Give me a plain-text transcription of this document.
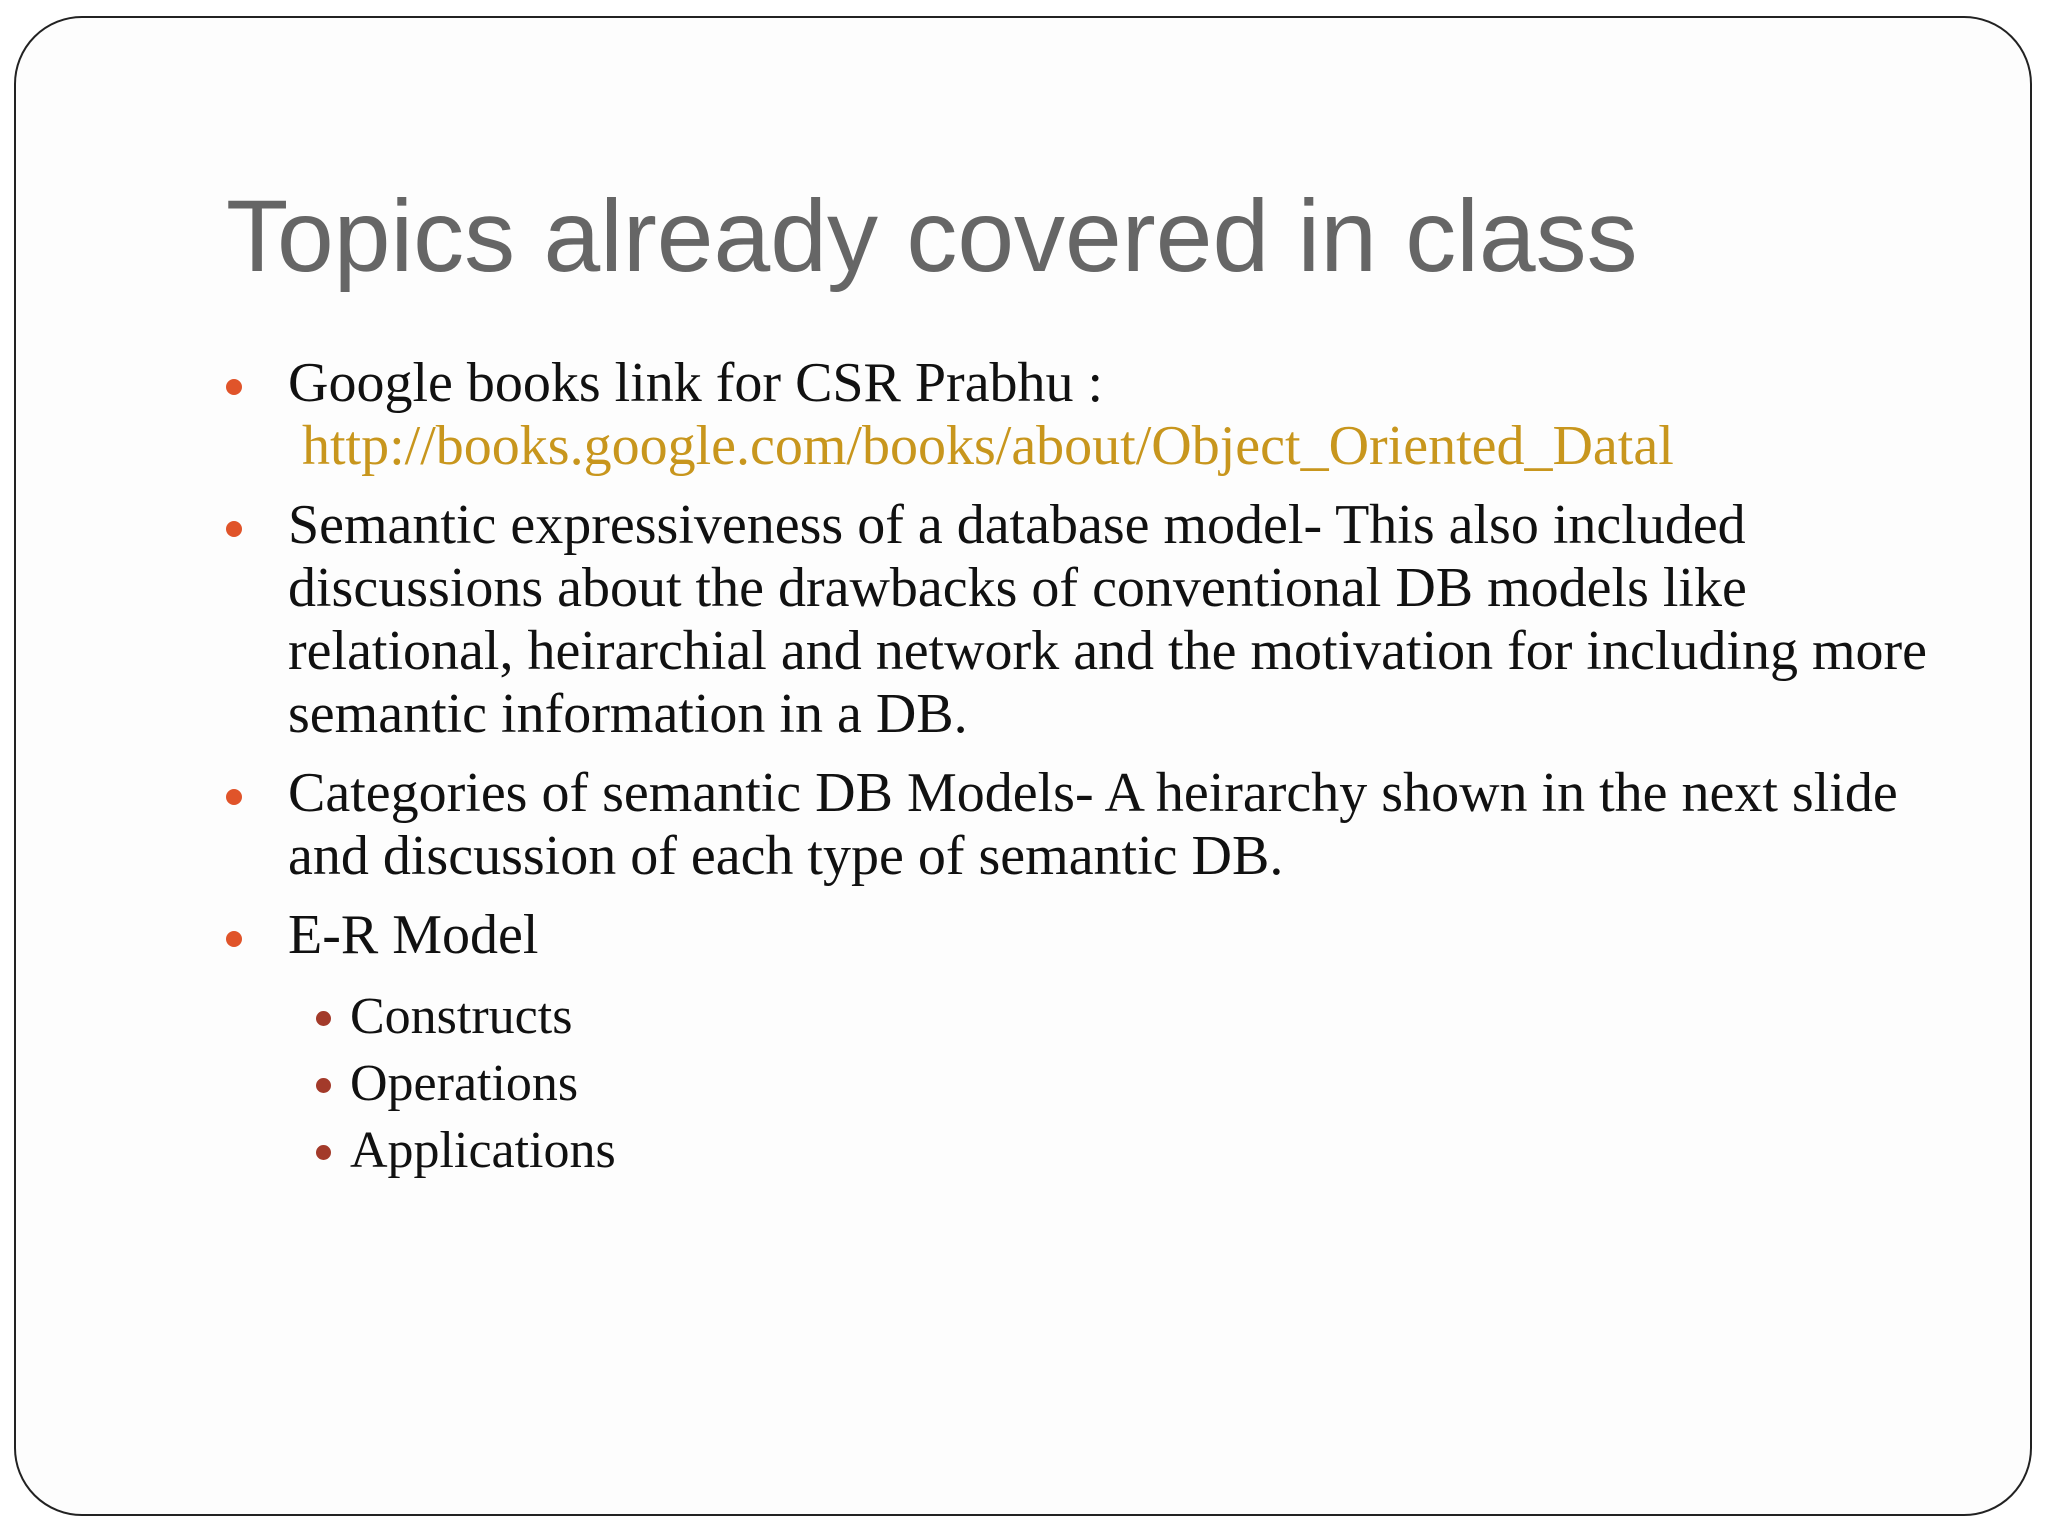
Topics already covered in class
Google books link for CSR Prabhu :
http://books.google.com/books/about/Object_Oriented_Datal
Semantic expressiveness of a database model- This also included discussions about the drawbacks of conventional DB models like relational, heirarchial and network and the motivation for including more semantic information in a DB.
Categories of semantic DB Models- A heirarchy shown in the next slide and discussion of each type of semantic DB.
E-R Model
Constructs
Operations
Applications
